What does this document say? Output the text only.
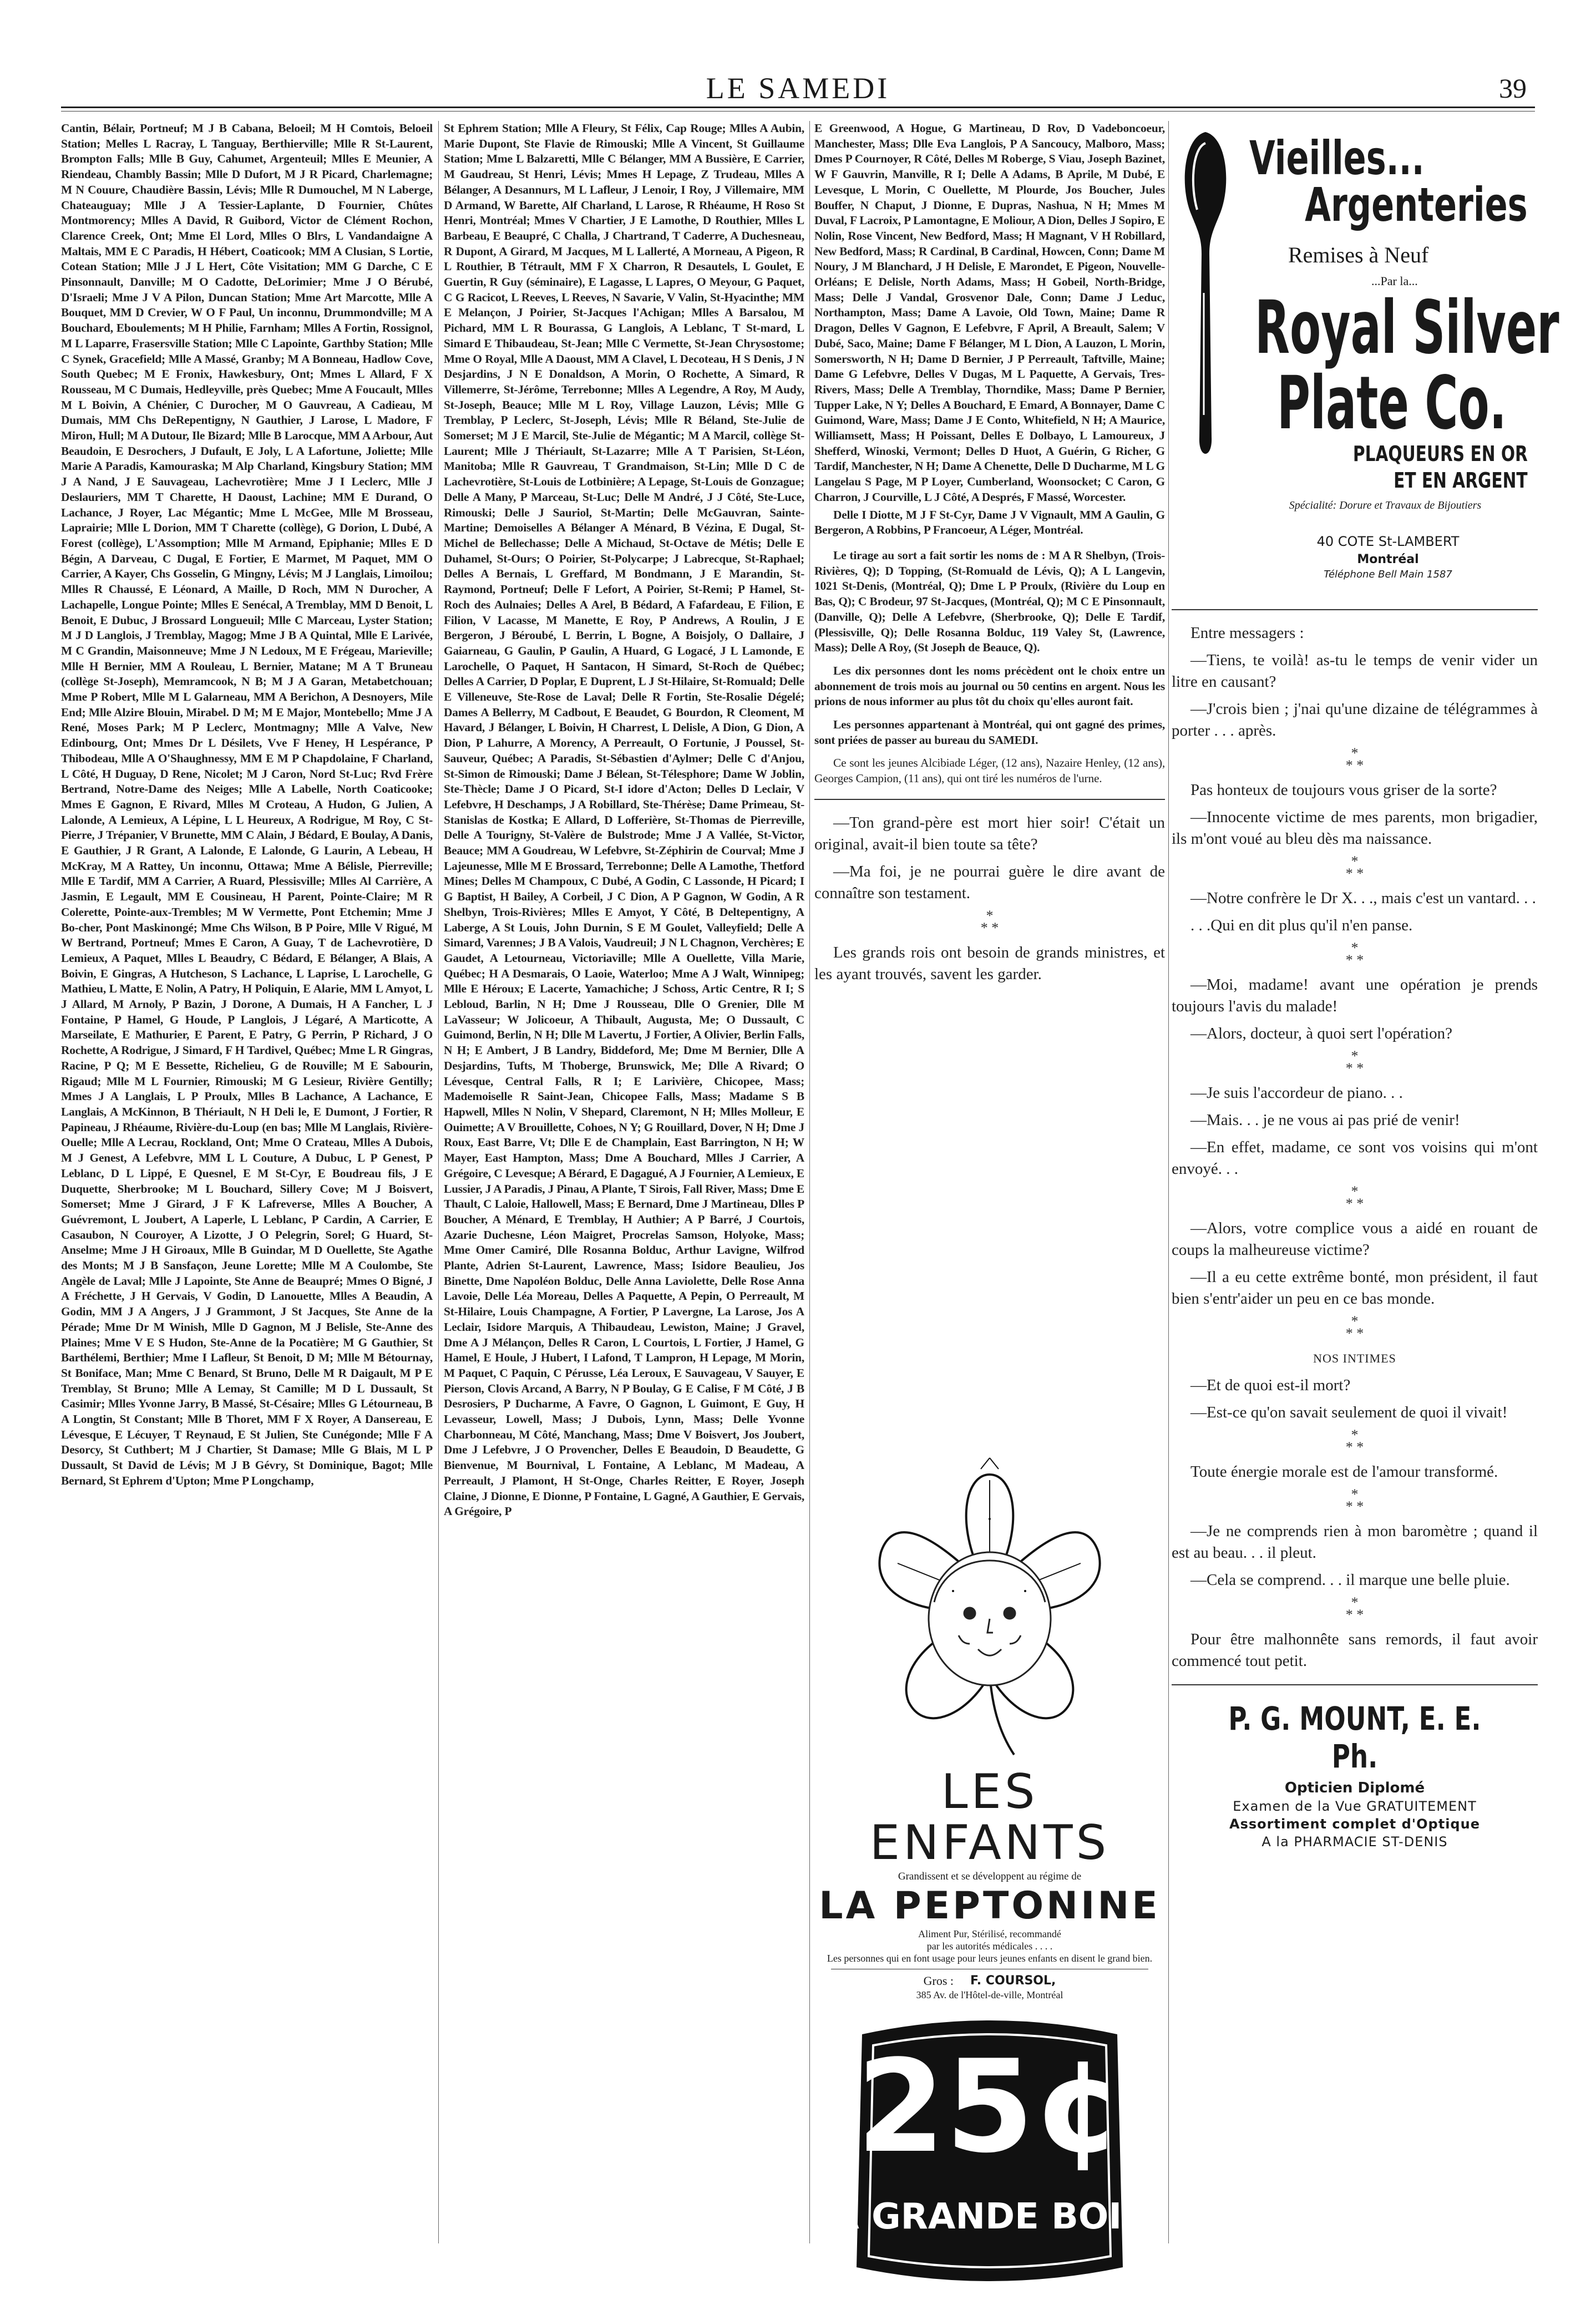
LE SAMEDI	39

Cantin, Bélair, Portneuf; M J B Cabana, Beloeil; M H Comtois, Beloeil Station; Melles L Racray, L Tanguay, Berthierville; Mlle R St-Laurent, Brompton Falls; Mlle B Guy, Cahumet, Argenteuil; Mlles E Meunier, A Riendeau, Chambly Bassin; Mlle D Dufort, M J R Picard, Charlemagne; M N Couure, Chaudière Bassin, Lévis; Mlle R Dumouchel, M N Laberge, Chateauguay; Mlle J A Tessier-Laplante, D Fournier, Chûtes Montmorency; Mlles A David, R Guibord, Victor de Clément Rochon, Clarence Creek, Ont; Mme El Lord, Mlles O Blrs, L Vandandaigne A Maltais, MM E C Paradis, H Hébert, Coaticook; MM A Clusian, S Lortie, Cotean Station; Mlle J J L Hert, Côte Visitation; MM G Darche, C E Pinsonnault, Danville; M O Cadotte, DeLorimier; Mme J O Bérubé, D'Israeli; Mme J V A Pilon, Duncan Station; Mme Art Marcotte, Mlle A Bouquet, MM D Crevier, W O F Paul, Un inconnu, Drummondville; M A Bouchard, Eboulements; M H Philie, Farnham; Mlles A Fortin, Rossignol, M L Laparre, Frasersville Station; Mlle C Lapointe, Garthby Station; Mlle C Synek, Gracefield; Mlle A Massé, Granby; M A Bonneau, Hadlow Cove, South Quebec; M E Fronix, Hawkesbury, Ont; Mmes L Allard, F X Rousseau, M C Dumais, Hedleyville, près Quebec; Mme A Foucault, Mlles M L Boivin, A Chénier, C Durocher, M O Gauvreau, A Cadieau, M Dumais, MM Chs DeRepentigny, N Gauthier, J Larose, L Madore, F Miron, Hull; M A Dutour, Ile Bizard; Mlle B Larocque, MM A Arbour, Aut Beaudoin, E Desrochers, J Dufault, E Joly, L A Lafortune, Joliette; Mlle Marie A Paradis, Kamouraska; M Alp Charland, Kingsbury Station; MM J A Nand, J E Sauvageau, Lachevrotière; Mme J I Leclerc, Mlle J Deslauriers, MM T Charette, H Daoust, Lachine; MM E Durand, O Lachance, J Royer, Lac Mégantic; Mme L McGee, Mlle M Brosseau, Laprairie; Mlle L Dorion, MM T Charette (collège), G Dorion, L Dubé, A Forest (collège), L'Assomption; Mlle M Armand, Epiphanie; Mlles E D Bégin, A Darveau, C Dugal, E Fortier, E Marmet, M Paquet, MM O Carrier, A Kayer, Chs Gosselin, G Mingny, Lévis; M J Langlais, Limoilou; Mlles R Chaussé, E Léonard, A Maille, D Roch, MM N Durocher, A Lachapelle, Longue Pointe; Mlles E Senécal, A Tremblay, MM D Benoit, L Benoit, E Dubuc, J Brossard Longueuil; Mlle C Marceau, Lyster Station; M J D Langlois, J Tremblay, Magog; Mme J B A Quintal, Mlle E Larivée, M C Grandin, Maisonneuve; Mme J N Ledoux, M E Frégeau, Marieville; Mlle H Bernier, MM A Rouleau, L Bernier, Matane; M A T Bruneau (collège St-Joseph), Memramcook, N B; M J A Garan, Metabetchouan; Mme P Robert, Mlle M L Galarneau, MM A Berichon, A Desnoyers, Mile End; Mlle Alzire Blouin, Mirabel. D M; M E Major, Montebello; Mme J A René, Moses Park; M P Leclerc, Montmagny; Mlle A Valve, New Edinbourg, Ont; Mmes Dr L Désilets, Vve F Heney, H Lespérance, P Thibodeau, Mlle A O'Shaughnessy, MM E M P Chapdolaine, F Charland, L Côté, H Duguay, D Rene, Nicolet; M J Caron, Nord St-Luc; Rvd Frère Bertrand, Notre-Dame des Neiges; Mlle A Labelle, North Coaticooke; Mmes E Gagnon, E Rivard, Mlles M Croteau, A Hudon, G Julien, A Lalonde, A Lemieux, A Lépine, L L Heureux, A Rodrigue, M Roy, C St-Pierre, J Trépanier, V Brunette, MM C Alain, J Bédard, E Boulay, A Danis, E Gauthier, J R Grant, A Lalonde, E Lalonde, G Laurin, A Lebeau, H McKray, M A Rattey, Un inconnu, Ottawa; Mme A Bélisle, Pierreville; Mlle E Tardif, MM A Carrier, A Ruard, Plessisville; Mlles Al Carrière, A Jasmin, E Legault, MM E Cousineau, H Parent, Pointe-Claire; M R Colerette, Pointe-aux-Trembles; M W Vermette, Pont Etchemin; Mme J Bo-cher, Pont Maskinongé; Mme Chs Wilson, B P Poire, Mlle V Rigué, M W Bertrand, Portneuf; Mmes E Caron, A Guay, T de Lachevrotière, D Lemieux, A Paquet, Mlles L Beaudry, C Bédard, E Bélanger, A Blais, A Boivin, E Gingras, A Hutcheson, S Lachance, L Laprise, L Larochelle, G Mathieu, L Matte, E Nolin, A Patry, H Poliquin, E Alarie, MM L Amyot, L J Allard, M Arnoly, P Bazin, J Dorone, A Dumais, H A Fancher, L J Fontaine, P Hamel, G Houde, P Langlois, J Légaré, A Marticotte, A Marseilate, E Mathurier, E Parent, E Patry, G Perrin, P Richard, J O Rochette, A Rodrigue, J Simard, F H Tardivel, Québec; Mme L R Gingras, Racine, P Q; M E Bessette, Richelieu, G de Rouville; M E Sabourin, Rigaud; Mlle M L Fournier, Rimouski; M G Lesieur, Rivière Gentilly; Mmes J A Langlais, L P Proulx, Mlles B Lachance, A Lachance, E Langlais, A McKinnon, B Thériault, N H Deli le, E Dumont, J Fortier, R Papineau, J Rhéaume, Rivière-du-Loup (en bas; Mlle M Langlais, Rivière-Ouelle; Mlle A Lecrau, Rockland, Ont; Mme O Crateau, Mlles A Dubois, M J Genest, A Lefebvre, MM L L Couture, A Dubuc, L P Genest, P Leblanc, D L Lippé, E Quesnel, E M St-Cyr, E Boudreau fils, J E Duquette, Sherbrooke; M L Bouchard, Sillery Cove; M J Boisvert, Somerset; Mme J Girard, J F K Lafreverse, Mlles A Boucher, A Guévremont, L Joubert, A Laperle, L Leblanc, P Cardin, A Carrier, E Casaubon, N Couroyer, A Lizotte, J O Pelegrin, Sorel; G Huard, St-Anselme; Mme J H Giroaux, Mlle B Guindar, M D Ouellette, Ste Agathe des Monts; M J B Sansfaçon, Jeune Lorette; Mlle M A Coulombe, Ste Angèle de Laval; Mlle J Lapointe, Ste Anne de Beaupré; Mmes O Bigné, J A Fréchette, J H Gervais, V Godin, D Lanouette, Mlles A Beaudin, A Godin, MM J A Angers, J J Grammont, J St Jacques, Ste Anne de la Pérade; Mme Dr M Winish, Mlle D Gagnon, M J Belisle, Ste-Anne des Plaines; Mme V E S Hudon, Ste-Anne de la Pocatière; M G Gauthier, St Barthélemi, Berthier; Mme I Lafleur, St Benoit, D M; Mlle M Bétournay, St Boniface, Man; Mme C Benard, St Bruno, Delle M R Daigault, M P E Tremblay, St Bruno; Mlle A Lemay, St Camille; M D L Dussault, St Casimir; Mlles Yvonne Jarry, B Massé, St-Césaire; Mlles G Létourneau, B A Longtin, St Constant; Mlle B Thoret, MM F X Royer, A Dansereau, E Lévesque, E Lécuyer, T Reynaud, E St Julien, Ste Cunégonde; Mlle F A Desorcy, St Cuthbert; M J Chartier, St Damase; Mlle G Blais, M L P Dussault, St David de Lévis; M J B Gévry, St Dominique, Bagot; Mlle Bernard, St Ephrem d'Upton; Mme P Longchamp,

St Ephrem Station; Mlle A Fleury, St Félix, Cap Rouge; Mlles A Aubin, Marie Dupont, Ste Flavie de Rimouski; Mlle A Vincent, St Guillaume Station; Mme L Balzaretti, Mlle C Bélanger, MM A Bussière, E Carrier, M Gaudreau, St Henri, Lévis; Mmes H Lepage, Z Trudeau, Mlles A Bélanger, A Desannurs, M L Lafleur, J Lenoir, I Roy, J Villemaire, MM D Armand, W Barette, Alf Charland, L Larose, R Rhéaume, H Roso St Henri, Montréal; Mmes V Chartier, J E Lamothe, D Routhier, Mlles L Barbeau, E Beaupré, C Challa, J Chartrand, T Caderre, A Duchesneau, R Dupont, A Girard, M Jacques, M L Lallerté, A Morneau, A Pigeon, R L Routhier, B Tétrault, MM F X Charron, R Desautels, L Goulet, E Guertin, R Guy (séminaire), E Lagasse, L Lapres, O Meyour, G Paquet, C G Racicot, L Reeves, L Reeves, N Savarie, V Valin, St-Hyacinthe; MM E Melançon, J Poirier, St-Jacques l'Achigan; Mlles A Barsalou, M Pichard, MM L R Bourassa, G Langlois, A Leblanc, T St-mard, L Simard E Thibaudeau, St-Jean; Mlle C Vermette, St-Jean Chrysostome; Mme O Royal, Mlle A Daoust, MM A Clavel, L Decoteau, H S Denis, J N Desjardins, J N E Donaldson, A Morin, O Rochette, A Simard, R Villemerre, St-Jérôme, Terrebonne; Mlles A Legendre, A Roy, M Audy, St-Joseph, Beauce; Mlle M L Roy, Village Lauzon, Lévis; Mlle G Tremblay, P Leclerc, St-Joseph, Lévis; Mlle R Béland, Ste-Julie de Somerset; M J E Marcil, Ste-Julie de Mégantic; M A Marcil, collège St-Laurent; Mlle J Thériault, St-Lazarre; Mlle A T Parisien, St-Léon, Manitoba; Mlle R Gauvreau, T Grandmaison, St-Lin; Mlle D C de Lachevrotière, St-Louis de Lotbinière; A Lepage, St-Louis de Gonzague; Delle A Many, P Marceau, St-Luc; Delle M André, J J Côté, Ste-Luce, Rimouski; Delle J Sauriol, St-Martin; Delle McGauvran, Sainte-Martine; Demoiselles A Bélanger A Ménard, B Vézina, E Dugal, St-Michel de Bellechasse; Delle A Michaud, St-Octave de Métis; Delle E Duhamel, St-Ours; O Poirier, St-Polycarpe; J Labrecque, St-Raphael; Delles A Bernais, L Greffard, M Bondmann, J E Marandin, St-Raymond, Portneuf; Delle F Lefort, A Poirier, St-Remi; P Hamel, St-Roch des Aulnaies; Delles A Arel, B Bédard, A Fafardeau, E Filion, E Filion, V Lacasse, M Manette, E Roy, P Andrews, A Roulin, J E Bergeron, J Béroubé, L Berrin, L Bogne, A Boisjoly, O Dallaire, J Gaiarneau, G Gaulin, P Gaulin, A Huard, G Logacé, J L Lamonde, E Larochelle, O Paquet, H Santacon, H Simard, St-Roch de Québec; Delles A Carrier, D Poplar, E Duprent, L J St-Hilaire, St-Romuald; Delle E Villeneuve, Ste-Rose de Laval; Delle R Fortin, Ste-Rosalie Dégelé; Dames A Bellerry, M Cadbout, E Beaudet, G Bourdon, R Cleoment, M Havard, J Bélanger, L Boivin, H Charrest, L Delisle, A Dion, G Dion, A Dion, P Lahurre, A Morency, A Perreault, O Fortunie, J Poussel, St-Sauveur, Québec; A Paradis, St-Sébastien d'Aylmer; Delle C d'Anjou, St-Simon de Rimouski; Dame J Bélean, St-Télesphore; Dame W Joblin, Ste-Thècle; Dame J O Picard, St-I idore d'Acton; Delles D Leclair, V Lefebvre, H Deschamps, J A Robillard, Ste-Thérèse; Dame Primeau, St-Stanislas de Kostka; E Allard, D Lofferière, St-Thomas de Pierreville, Delle A Tourigny, St-Valère de Bulstrode; Mme J A Vallée, St-Victor, Beauce; MM A Goudreau, W Lefebvre, St-Zéphirin de Courval; Mme J Lajeunesse, Mlle M E Brossard, Terrebonne; Delle A Lamothe, Thetford Mines; Delles M Champoux, C Dubé, A Godin, C Lassonde, H Picard; I G Baptist, H Bailey, A Corbeil, J C Dion, A P Gagnon, W Godin, A R Shelbyn, Trois-Rivières; Mlles E Amyot, Y Côté, B Deltepentigny, A Laberge, A St Louis, John Durnin, S E M Goulet, Valleyfield; Delle A Simard, Varennes; J B A Valois, Vaudreuil; J N L Chagnon, Verchères; E Gaudet, A Letourneau, Victoriaville; Mlle A Ouellette, Villa Marie, Québec; H A Desmarais, O Laoie, Waterloo; Mme A J Walt, Winnipeg; Mlle E Héroux; E Lacerte, Yamachiche; J Schoss, Artic Centre, R I; S Lebloud, Barlin, N H; Dme J Rousseau, Dlle O Grenier, Dlle M LaVasseur; W Jolicoeur, A Thibault, Augusta, Me; O Dussault, C Guimond, Berlin, N H; Dlle M Lavertu, J Fortier, A Olivier, Berlin Falls, N H; E Ambert, J B Landry, Biddeford, Me; Dme M Bernier, Dlle A Desjardins, Tufts, M Thoberge, Brunswick, Me; Dlle A Rivard; O Lévesque, Central Falls, R I; E Larivière, Chicopee, Mass; Mademoiselle R Saint-Jean, Chicopee Falls, Mass; Madame S B Hapwell, Mlles N Nolin, V Shepard, Claremont, N H; Mlles Molleur, E Ouimette; A V Brouillette, Cohoes, N Y; G Rouillard, Dover, N H; Dme J Roux, East Barre, Vt; Dlle E de Champlain, East Barrington, N H; W Mayer, East Hampton, Mass; Dme A Bouchard, Mlles J Carrier, A Grégoire, C Levesque; A Bérard, E Dagagué, A J Fournier, A Lemieux, E Lussier, J A Paradis, J Pinau, A Plante, T Sirois, Fall River, Mass; Dme E Thault, C Laloie, Hallowell, Mass; E Bernard, Dme J Martineau, Dlles P Boucher, A Ménard, E Tremblay, H Authier; A P Barré, J Courtois, Azarie Duchesne, Léon Maigret, Procrelas Samson, Holyoke, Mass; Mme Omer Camiré, Dlle Rosanna Bolduc, Arthur Lavigne, Wilfrod Plante, Adrien St-Laurent, Lawrence, Mass; Isidore Beaulieu, Jos Binette, Dme Napoléon Bolduc, Delle Anna Laviolette, Delle Rose Anna Lavoie, Delle Léa Moreau, Delles A Paquette, A Pepin, O Perreault, M St-Hilaire, Louis Champagne, A Fortier, P Lavergne, La Larose, Jos A Leclair, Isidore Marquis, A Thibaudeau, Lewiston, Maine; J Gravel, Dme A J Mélançon, Delles R Caron, L Courtois, L Fortier, J Hamel, G Hamel, E Houle, J Hubert, I Lafond, T Lampron, H Lepage, M Morin, M Paquet, C Paquin, C Pérusse, Léa Leroux, E Sauvageau, V Sauyer, E Pierson, Clovis Arcand, A Barry, N P Boulay, G E Calise, F M Côté, J B Desrosiers, P Ducharme, A Favre, O Gagnon, L Guimont, E Guy, H Levasseur, Lowell, Mass; J Dubois, Lynn, Mass; Delle Yvonne Charbonneau, M Côté, Manchang, Mass; Dme V Boisvert, Jos Joubert, Dme J Lefebvre, J O Provencher, Delles E Beaudoin, D Beaudette, G Bienvenue, M Bournival, L Fontaine, A Leblanc, M Madeau, A Perreault, J Plamont, H St-Onge, Charles Reitter, E Royer, Joseph Claine, J Dionne, E Dionne, P Fontaine, L Gagné, A Gauthier, E Gervais, A Grégoire, P

E Greenwood, A Hogue, G Martineau, D Rov, D Vadeboncoeur, Manchester, Mass; Dlle Eva Langlois, P A Sancoucy, Malboro, Mass; Dmes P Cournoyer, R Côté, Delles M Roberge, S Viau, Joseph Bazinet, W F Gauvrin, Manville, R I; Delle A Adams, B Aprile, M Dubé, E Levesque, L Morin, C Ouellette, M Plourde, Jos Boucher, Jules Bouffer, N Chaput, J Dionne, E Dupras, Nashua, N H; Mmes M Duval, F Lacroix, P Lamontagne, E Moliour, A Dion, Delles J Sopiro, E Nolin, Rose Vincent, New Bedford, Mass; H Magnant, V H Robillard, New Bedford, Mass; R Cardinal, B Cardinal, Howcen, Conn; Dame M Noury, J M Blanchard, J H Delisle, E Marondet, E Pigeon, Nouvelle-Orléans; E Delisle, North Adams, Mass; H Gobeil, North-Bridge, Mass; Delle J Vandal, Grosvenor Dale, Conn; Dame J Leduc, Northampton, Mass; Dame A Lavoie, Old Town, Maine; Dame R Dragon, Delles V Gagnon, E Lefebvre, F April, A Breault, Salem; V Dubé, Saco, Maine; Dame F Bélanger, M L Dion, A Lauzon, L Morin, Somersworth, N H; Dame D Bernier, J P Perreault, Taftville, Maine; Dame G Lefebvre, Delles V Dugas, M L Paquette, A Gervais, Tres-Rivers, Mass; Delle A Tremblay, Thorndike, Mass; Dame P Bernier, Tupper Lake, N Y; Delles A Bouchard, E Emard, A Bonnayer, Dame C Guimond, Ware, Mass; Dame J E Conto, Whitefield, N H; A Maurice, Williamsett, Mass; H Poissant, Delles E Dolbayo, L Lamoureux, J Shefferd, Winoski, Vermont; Delles D Huot, A Guérin, G Richer, G Tardif, Manchester, N H; Dame A Chenette, Delle D Ducharme, M L G Langelau S Page, M P Loyer, Cumberland, Woonsocket; C Caron, G Charron, J Courville, L J Côté, A Després, F Massé, Worcester.

Delle I Diotte, M J F St-Cyr, Dame J V Vignault, MM A Gaulin, G Bergeron, A Robbins, P Francoeur, A Léger, Montréal.

Le tirage au sort a fait sortir les noms de : M A R Shelbyn, (Trois-Rivières, Q); D Topping, (St-Romuald de Lévis, Q); A L Langevin, 1021 St-Denis, (Montréal, Q); Dme L P Proulx, (Rivière du Loup en Bas, Q); C Brodeur, 97 St-Jacques, (Montréal, Q); M C E Pinsonnault, (Danville, Q); Delle A Lefebvre, (Sherbrooke, Q); Delle E Tardif, (Plessisville, Q); Delle Rosanna Bolduc, 119 Valey St, (Lawrence, Mass); Delle A Roy, (St Joseph de Beauce, Q).

Les dix personnes dont les noms précèdent ont le choix entre un abonnement de trois mois au journal ou 50 centins en argent. Nous les prions de nous informer au plus tôt du choix qu'elles auront fait.

Les personnes appartenant à Montréal, qui ont gagné des primes, sont priées de passer au bureau du SAMEDI.

Ce sont les jeunes Alcibiade Léger, (12 ans), Nazaire Henley, (12 ans), Georges Campion, (11 ans), qui ont tiré les numéros de l'urne.

—Ton grand-père est mort hier soir! C'était un original, avait-il bien toute sa tête?

—Ma foi, je ne pourrai guère le dire avant de connaître son testament.

*
* *

Les grands rois ont besoin de grands ministres, et les ayant trouvés, savent les garder.

LES ENFANTS
Grandissent et se développent au régime de
LA PEPTONINE
Aliment Pur, Stérilisé, recommandé
par les autorités médicales . . . .
Les personnes qui en font usage pour leurs jeunes enfants en disent le grand bien.
Gros : F. COURSOL,
385 Av. de l'Hôtel-de-ville, Montréal
25¢
LA GRANDE BOITE
Vieilles...
Argenteries
Remises à Neuf
...Par la...
Royal Silver
Plate Co.
PLAQUEURS EN OR
ET EN ARGENT
Spécialité: Dorure et Travaux de Bijoutiers
40 COTE St-LAMBERT
Montréal
Téléphone Bell Main 1587

Entre messagers :

—Tiens, te voilà! as-tu le temps de venir vider un litre en causant?

—J'crois bien ; j'nai qu'une dizaine de télégrammes à porter . . . après.

*
* *

Pas honteux de toujours vous griser de la sorte?

—Innocente victime de mes parents, mon brigadier, ils m'ont voué au bleu dès ma naissance.

*
* *

—Notre confrère le Dr X. . ., mais c'est un vantard. . .

. . .Qui en dit plus qu'il n'en panse.

*
* *

—Moi, madame! avant une opération je prends toujours l'avis du malade!

—Alors, docteur, à quoi sert l'opération?

*
* *

—Je suis l'accordeur de piano. . .

—Mais. . . je ne vous ai pas prié de venir!

—En effet, madame, ce sont vos voisins qui m'ont envoyé. . .

*
* *

—Alors, votre complice vous a aidé en rouant de coups la malheureuse victime?

—Il a eu cette extrême bonté, mon président, il faut bien s'entr'aider un peu en ce bas monde.

*
* *

NOS INTIMES

—Et de quoi est-il mort?

—Est-ce qu'on savait seulement de quoi il vivait!

*
* *

Toute énergie morale est de l'amour transformé.

*
* *

—Je ne comprends rien à mon baromètre ; quand il est au beau. . . il pleut.

—Cela se comprend. . . il marque une belle pluie.

*
* *

Pour être malhonnête sans remords, il faut avoir commencé tout petit.

P. G. MOUNT, E. E. Ph.
Opticien Diplomé
Examen de la Vue GRATUITEMENT
Assortiment complet d'Optique
A la PHARMACIE ST-DENIS
